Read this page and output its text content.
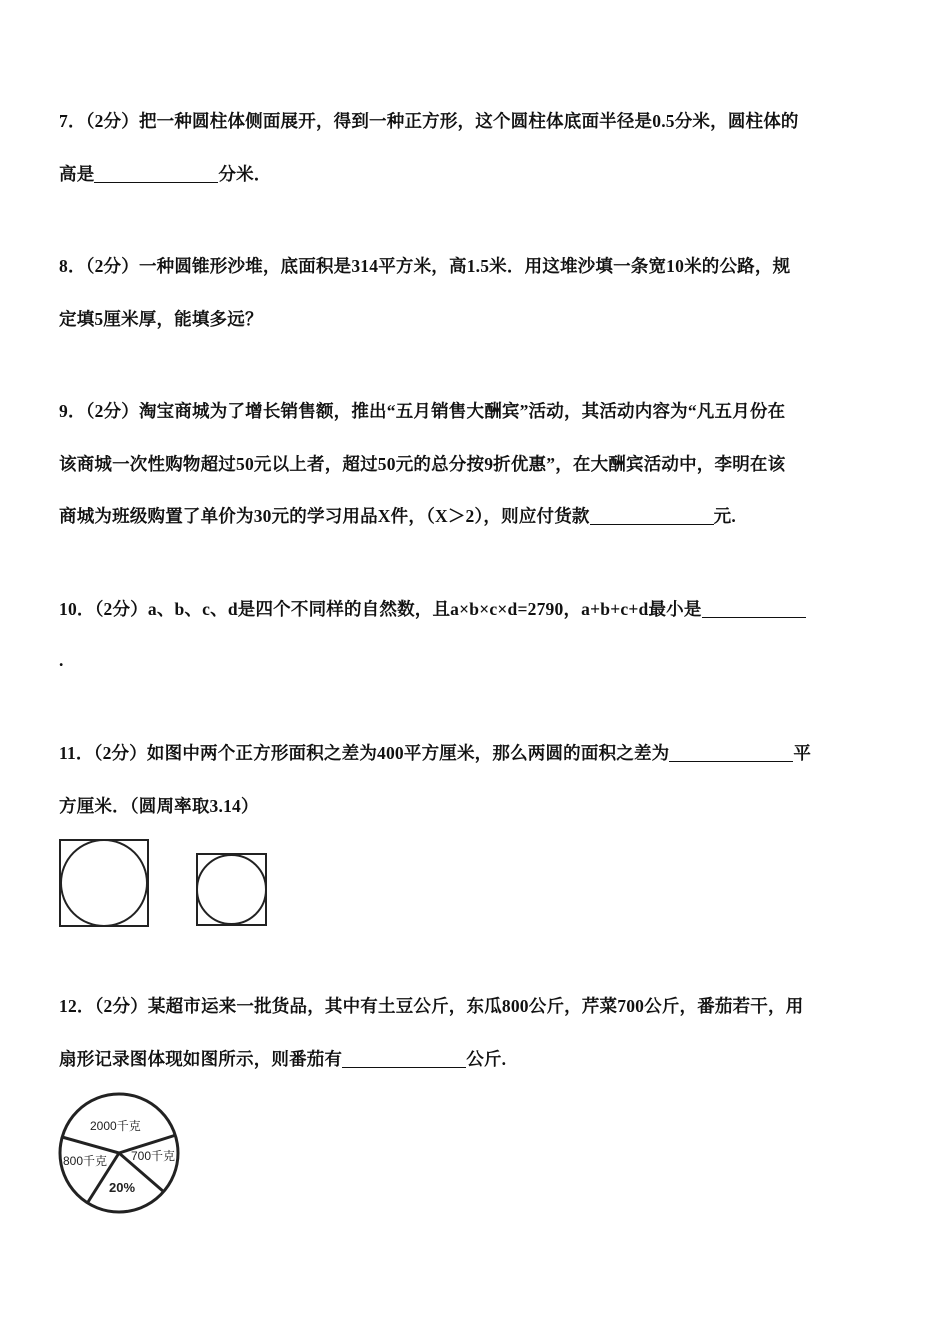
7．（2分）把一种圆柱体侧面展开，得到一种正方形，这个圆柱体底面半径是0.5分米，圆柱体的
高是	分米．
8．（2分）一种圆锥形沙堆，底面积是314平方米，高1.5米．用这堆沙填一条宽10米的公路，规
定填5厘米厚，能填多远？
9．（2分）淘宝商城为了增长销售额，推出“五月销售大酬宾”活动，其活动内容为“凡五月份在
该商城一次性购物超过50元以上者，超过50元的总分按9折优惠”，在大酬宾活动中，李明在该
商城为班级购置了单价为30元的学习用品X件，（X＞2），则应付货款	元.
10．（2分）a、b、c、d是四个不同样的自然数，且a×b×c×d=2790，a+b+c+d最小是
.
11．（2分）如图中两个正方形面积之差为400平方厘米，那么两圆的面积之差为	平
方厘米．（圆周率取3.14）
12．（2分）某超市运来一批货品，其中有土豆公斤，东瓜800公斤，芹菜700公斤，番茄若干，用
扇形记录图体现如图所示，则番茄有	公斤.
2000千克
800千克 700千克
20%
